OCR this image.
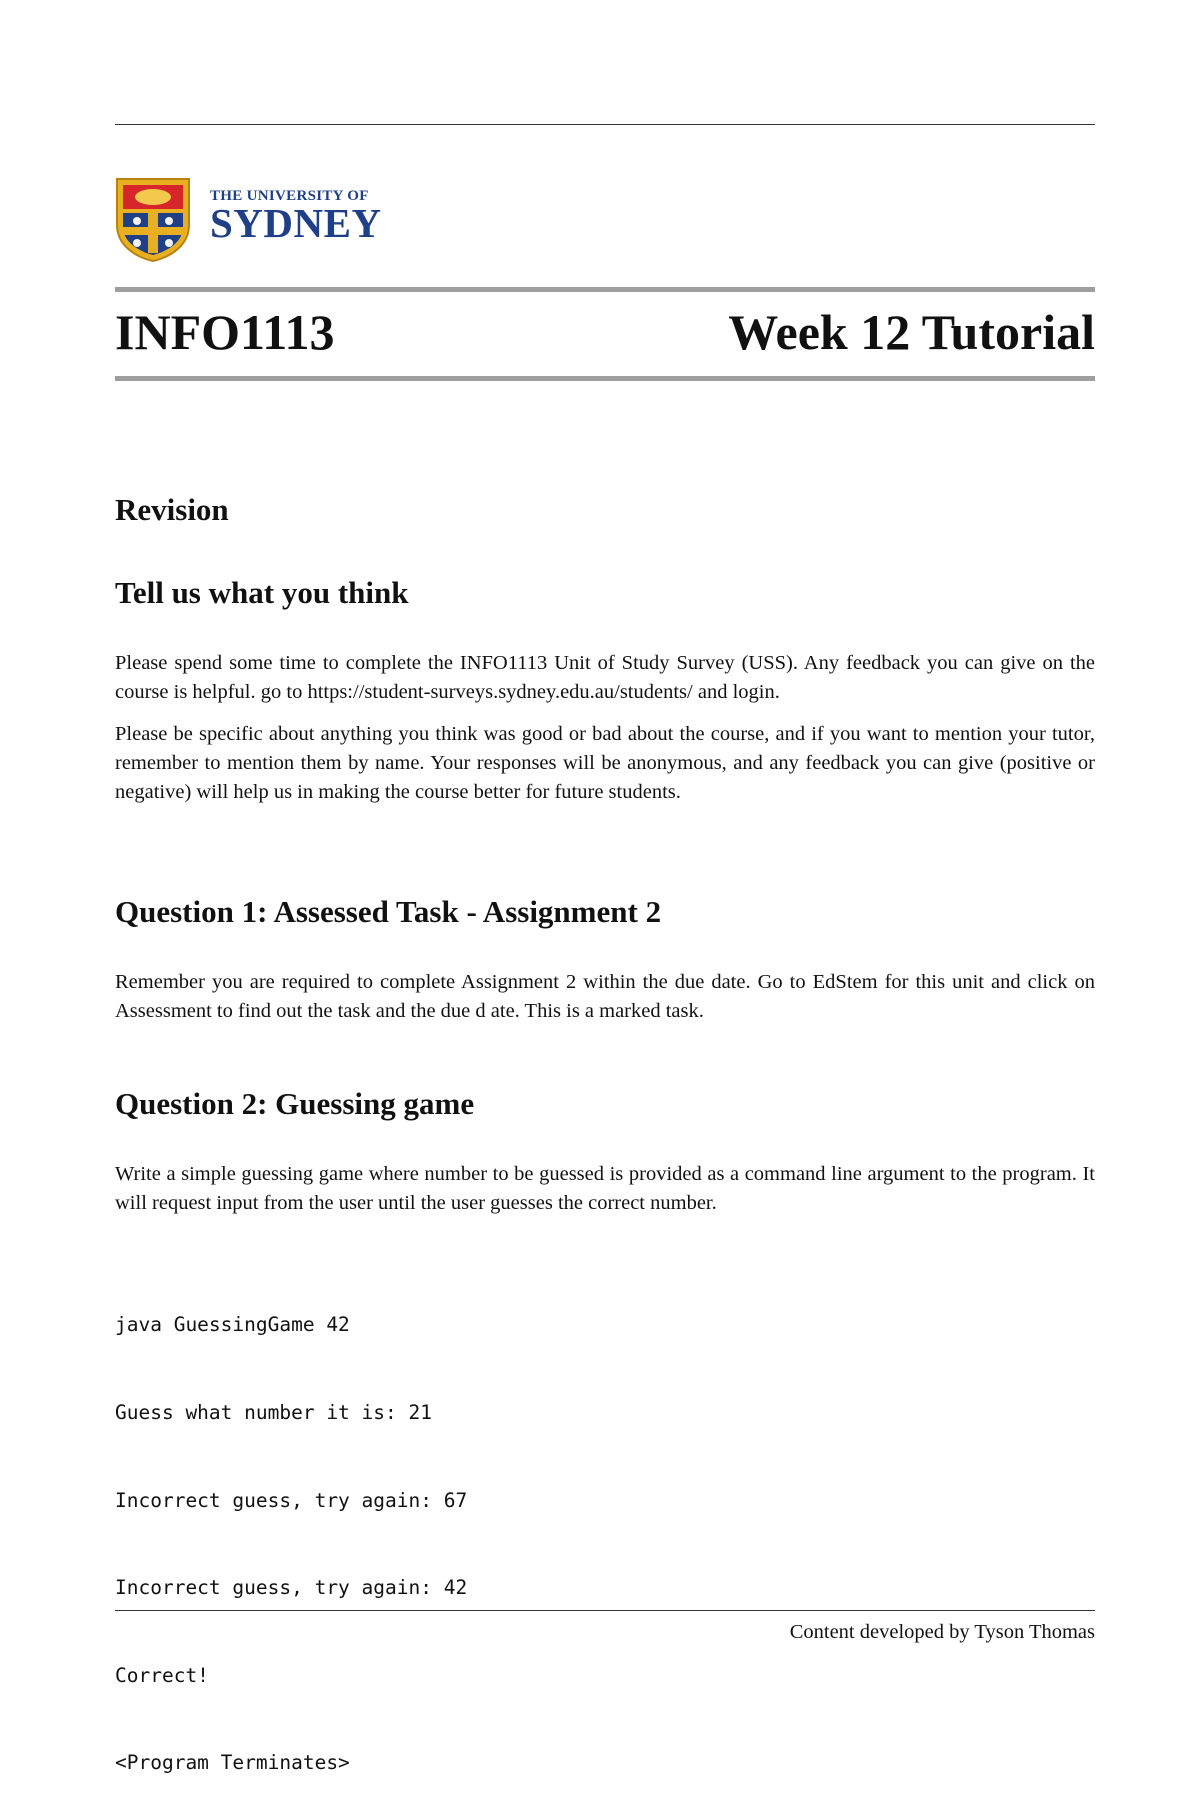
THE UNIVERSITY OF
SYDNEY
INFO1113	Week 12 Tutorial
Revision
Tell us what you think

Please spend some time to complete the INFO1113 Unit of Study Survey (USS). Any feedback you can give on the course is helpful. go to https://student-surveys.sydney.edu.au/students/ and login.

Please be specific about anything you think was good or bad about the course, and if you want to mention your tutor, remember to mention them by name. Your responses will be anonymous, and any feedback you can give (positive or negative) will help us in making the course better for future students.

Question 1: Assessed Task - Assignment 2

Remember you are required to complete Assignment 2 within the due date. Go to EdStem for this unit and click on Assessment to find out the task and the due d ate. This is a marked task.

Question 2: Guessing game

Write a simple guessing game where number to be guessed is provided as a command line argument to the program. It will request input from the user until the user guesses the correct number.

java GuessingGame 42

Guess what number it is: 21

Incorrect guess, try again: 67

Incorrect guess, try again: 42

Correct!

<Program Terminates>

Content developed by Tyson Thomas
